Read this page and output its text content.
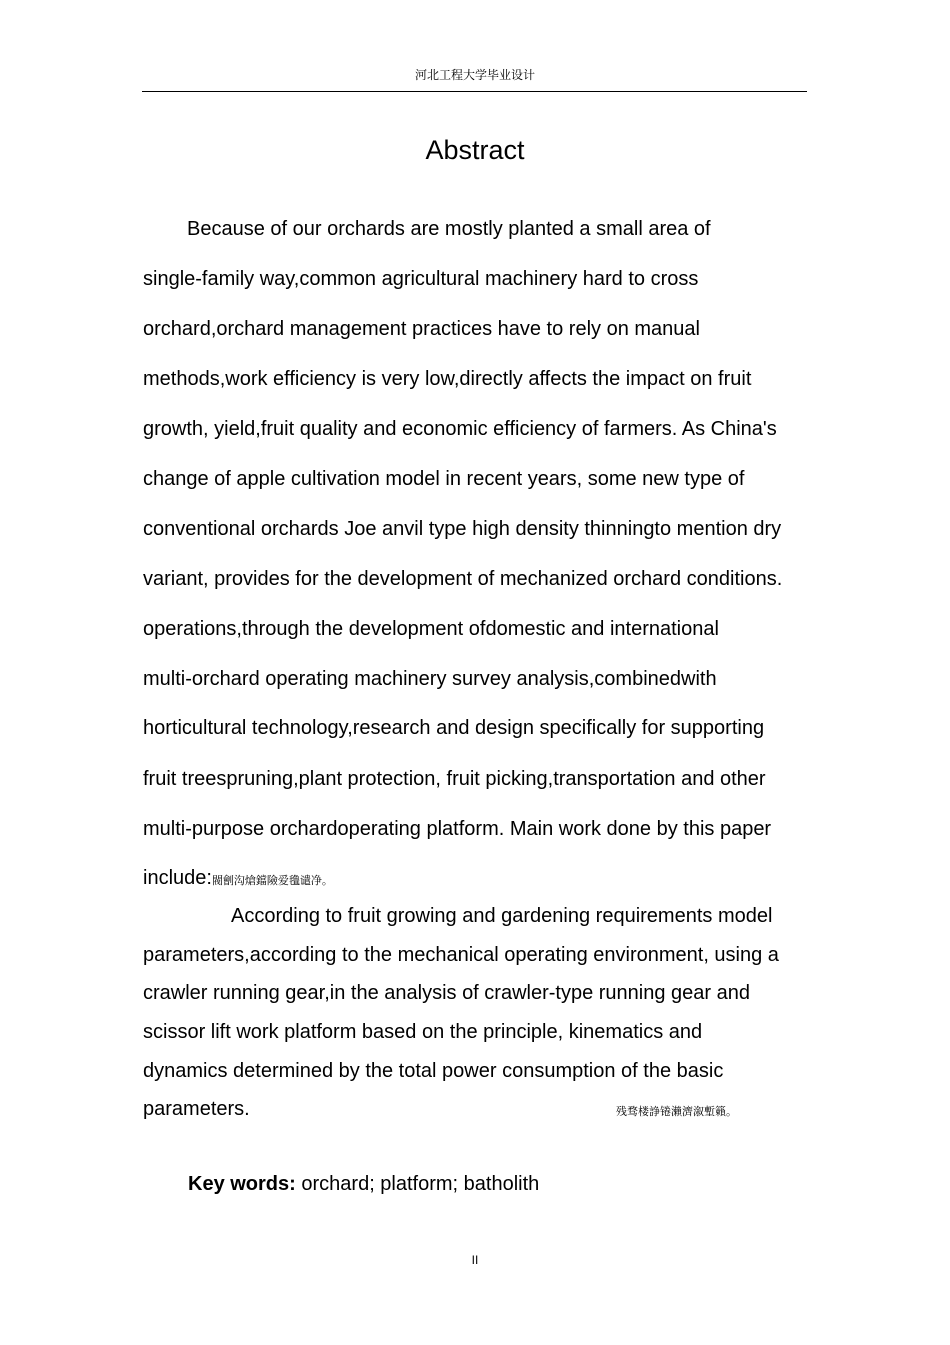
河北工程大学毕业设计
Abstract
Because of our orchards are mostly planted a small area of
single-family way,common agricultural machinery hard to cross
orchard,orchard management practices have to rely on manual
methods,work efficiency is very low,directly affects the impact on fruit
growth, yield,fruit quality and economic efficiency of farmers. As China's
change of apple cultivation model in recent years, some new type of
conventional orchards Joe anvil type high density thinningto mention dry
variant, provides for the development of mechanized orchard conditions.
operations,through the development ofdomestic and international
multi-orchard operating machinery survey analysis,combinedwith
horticultural technology,research and design specifically for supporting
fruit treespruning,plant protection, fruit picking,transportation and other
multi-purpose orchardoperating platform. Main work done by this paper
include:閥劊沟熗鐺險爱氇谴净。
According to fruit growing and gardening requirements model
parameters,according to the mechanical operating environment, using a
crawler running gear,in the analysis of crawler-type running gear and
scissor lift work platform based on the principle, kinematics and
dynamics determined by the total power consumption of the basic
parameters.	残骛楼諍锩瀨濟溆塹籟。
Key words: orchard; platform; batholith
II
